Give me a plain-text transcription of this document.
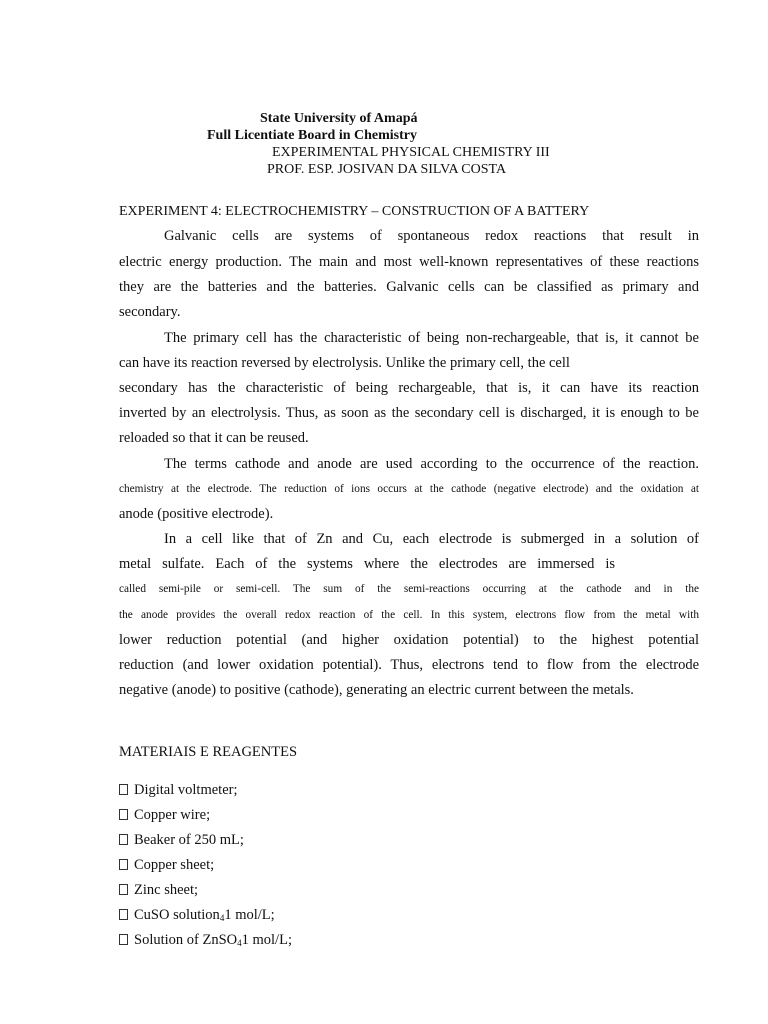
State University of Amapá
Full Licentiate Board in Chemistry
EXPERIMENTAL PHYSICAL CHEMISTRY III
PROF. ESP. JOSIVAN DA SILVA COSTA
EXPERIMENT 4: ELECTROCHEMISTRY – CONSTRUCTION OF A BATTERY
Galvanic cells are systems of spontaneous redox reactions that result in
electric energy production. The main and most well-known representatives of these reactions
they are the batteries and the batteries. Galvanic cells can be classified as primary and
secondary.
The primary cell has the characteristic of being non-rechargeable, that is, it cannot be
can have its reaction reversed by electrolysis. Unlike the primary cell, the cell
secondary has the characteristic of being rechargeable, that is, it can have its reaction
inverted by an electrolysis. Thus, as soon as the secondary cell is discharged, it is enough to be
reloaded so that it can be reused.
The terms cathode and anode are used according to the occurrence of the reaction.
chemistry at the electrode. The reduction of ions occurs at the cathode (negative electrode) and the oxidation at
anode (positive electrode).
In a cell like that of Zn and Cu, each electrode is submerged in a solution of
metal sulfate. Each of the systems where the electrodes are immersed is
called semi-pile or semi-cell. The sum of the semi-reactions occurring at the cathode and in the
the anode provides the overall redox reaction of the cell. In this system, electrons flow from the metal with
lower reduction potential (and higher oxidation potential) to the highest potential
reduction (and lower oxidation potential). Thus, electrons tend to flow from the electrode
negative (anode) to positive (cathode), generating an electric current between the metals.
MATERIAIS E REAGENTES
Digital voltmeter;
Copper wire;
Beaker of 250 mL;
Copper sheet;
Zinc sheet;
CuSO solution$_4$1 mol/L;
Solution of ZnSO$_4$1 mol/L;
